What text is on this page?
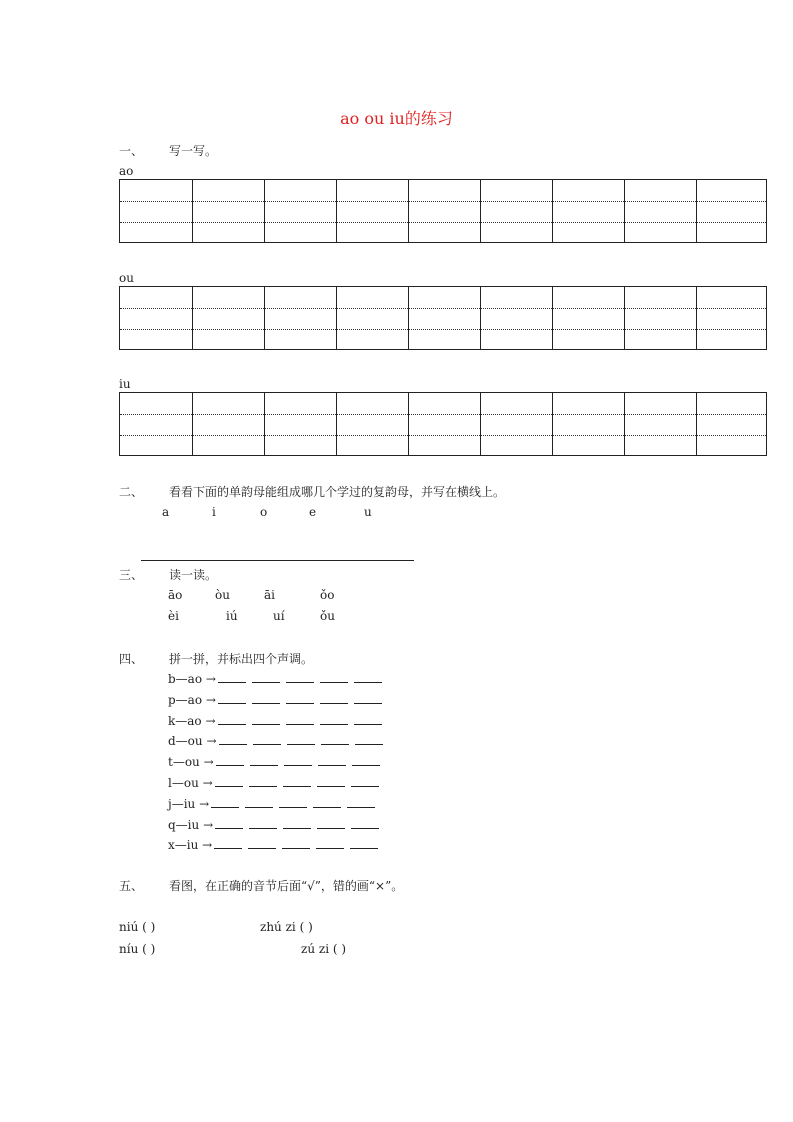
ao ou iu的练习
一、 写一写。
ao
ou
iu
二、 看看下面的单韵母能组成哪几个学过的复韵母，并写在横线上。
a	i	o	e	u
三、 读一读。
āo	òu	āi	ǒo
èi	iú	uí	ǒu
四、 拼一拼，并标出四个声调。
b—ao →
p—ao →
k—ao →
d—ou →
t—ou →
l—ou →
j—iu →
q—iu →
x—iu →
五、 看图，在正确的音节后面“√”，错的画“×”。
niú ( )	zhú zi ( )
níu ( )	zú zi ( )
